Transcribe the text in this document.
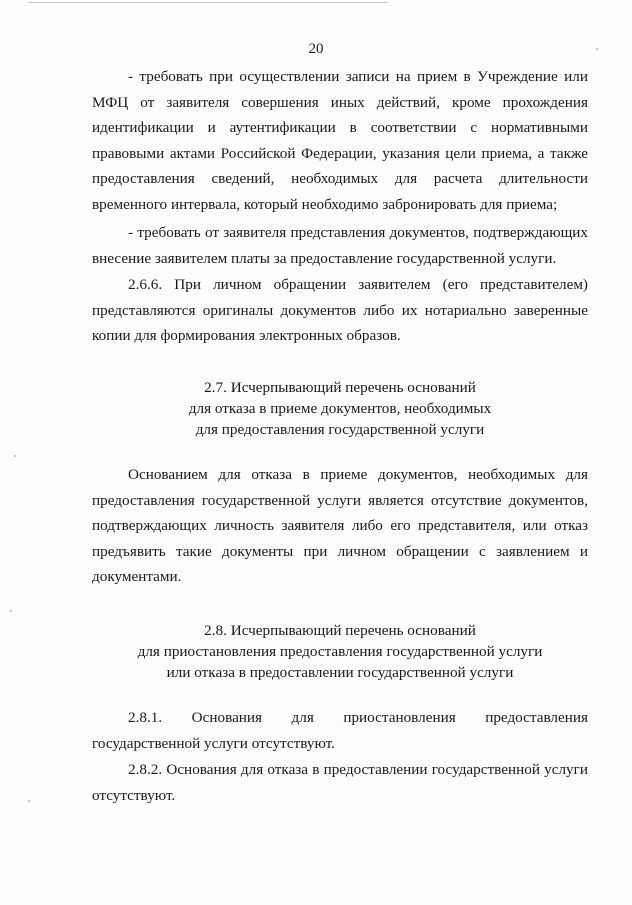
20
- требовать при осуществлении записи на прием в Учреждение или МФЦ от заявителя совершения иных действий, кроме прохождения идентификации и аутентификации в соответствии с нормативными правовыми актами Российской Федерации, указания цели приема, а также предоставления сведений, необходимых для расчета длительности временного интервала, который необходимо забронировать для приема;
- требовать от заявителя представления документов, подтверждающих внесение заявителем платы за предоставление государственной услуги.
2.6.6. При личном обращении заявителем (его представителем) представляются оригиналы документов либо их нотариально заверенные копии для формирования электронных образов.
2.7. Исчерпывающий перечень оснований
для отказа в приеме документов, необходимых
для предоставления государственной услуги
Основанием для отказа в приеме документов, необходимых для предоставления государственной услуги является отсутствие документов, подтверждающих личность заявителя либо его представителя, или отказ предъявить такие документы при личном обращении с заявлением и документами.
2.8. Исчерпывающий перечень оснований
для приостановления предоставления государственной услуги
или отказа в предоставлении государственной услуги
2.8.1. Основания для приостановления предоставления государственной услуги отсутствуют.
2.8.2. Основания для отказа в предоставлении государственной услуги отсутствуют.
